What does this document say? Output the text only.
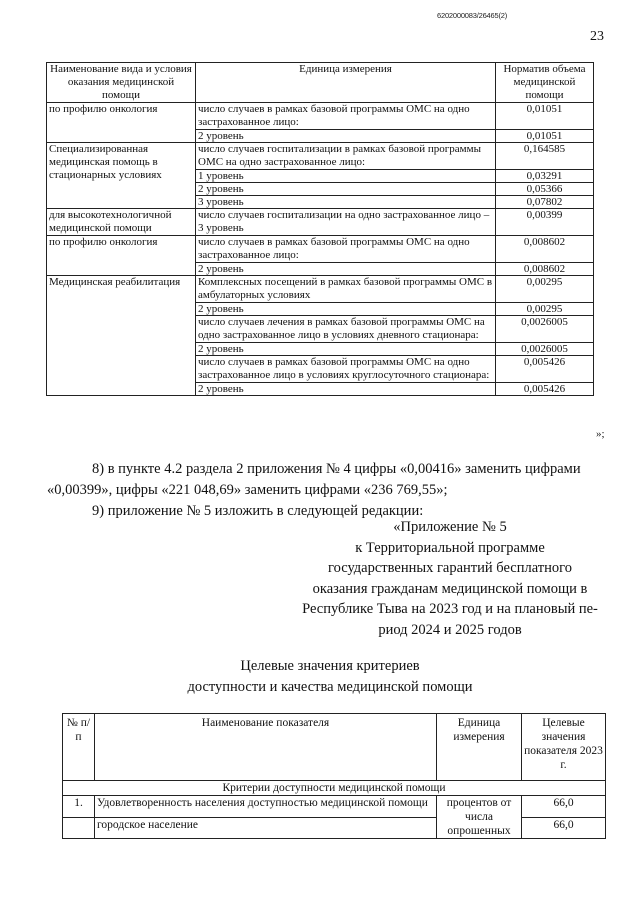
6202000083/26465(2)
23
Наименование вида и условия оказания медицинской помощи	Единица измерения	Норматив объема медицинской помощи
по профилю онкология	число случаев в рамках базовой программы ОМС на одно застрахованное лицо:	0,01051
	2 уровень	0,01051
Специализированная медицинская помощь в стационарных условиях	число случаев госпитализации в рамках базовой программы ОМС на одно застрахованное лицо:	0,164585
	1 уровень	0,03291
	2 уровень	0,05366
	3 уровень	0,07802
для высокотехнологичной медицинской помощи	число случаев госпитализации на одно застрахованное лицо – 3 уровень	0,00399
по профилю онкология	число случаев в рамках базовой программы ОМС на одно застрахованное лицо:	0,008602
	2 уровень	0,008602
Медицинская реабилитация	Комплексных посещений в рамках базовой программы ОМС в амбулаторных условиях	0,00295
	2 уровень	0,00295
	число случаев лечения в рамках базовой программы ОМС на одно застрахованное лицо в условиях дневного стационара:	0,0026005
	2 уровень	0,0026005
	число случаев в рамках базовой программы ОМС на одно застрахованное лицо в условиях круглосуточного стационара:	0,005426
	2 уровень	0,005426
»;
8) в пункте 4.2 раздела 2 приложения № 4 цифры «0,00416» заменить цифрами
«0,00399», цифры «221 048,69» заменить цифрами «236 769,55»;
9) приложение № 5 изложить в следующей редакции:
«Приложение № 5
к Территориальной программе
государственных гарантий бесплатного
оказания гражданам медицинской помощи в
Республике Тыва на 2023 год и на плановый пе-
риод 2024 и 2025 годов
Целевые значения критериев
доступности и качества медицинской помощи
№ п/п	Наименование показателя	Единица измерения	Целевые значения показателя 2023 г.
Критерии доступности медицинской помощи			
1.	Удовлетворенность населения доступностью медицинской помощи	процентов от числа опрошенных	66,0
	городское население		66,0
